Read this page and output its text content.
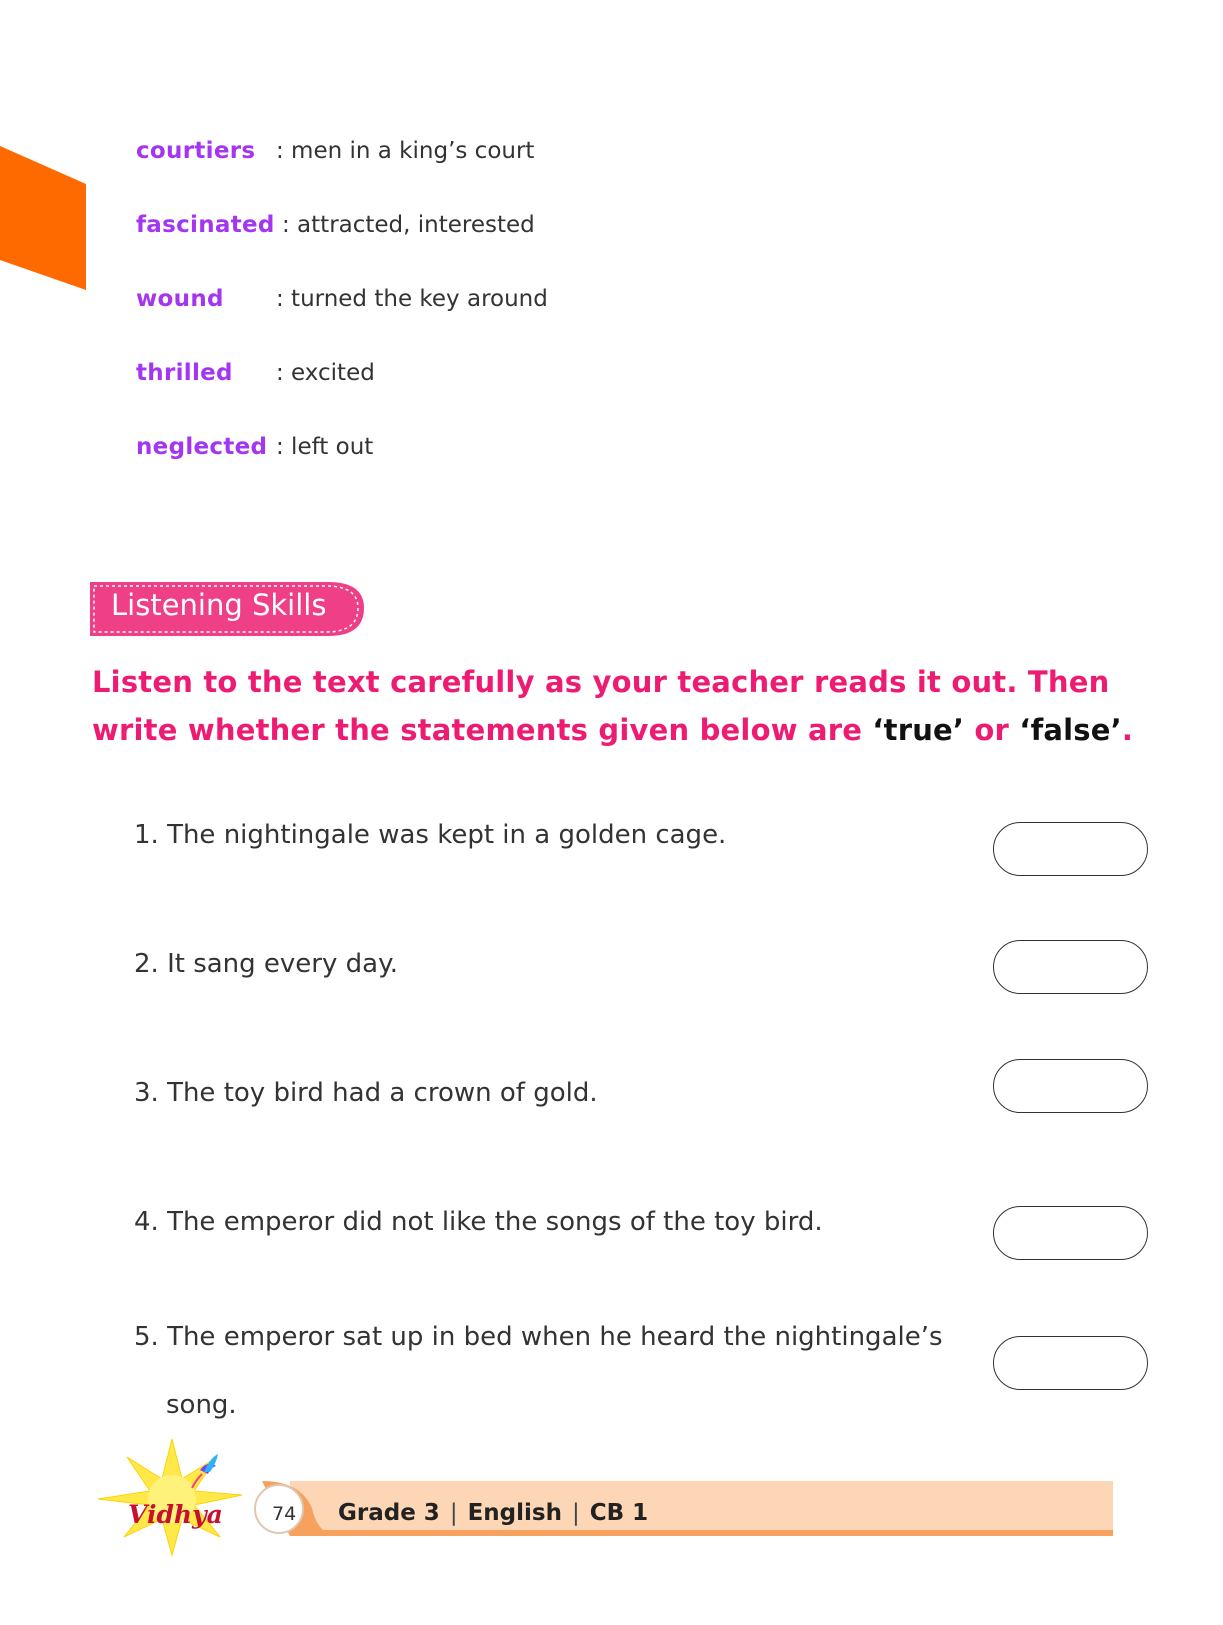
courtiers : men in a king’s court
fascinated : attracted, interested
wound : turned the key around
thrilled : excited
neglected : left out
Listening Skills
Listen to the text carefully as your teacher reads it out. Then
write whether the statements given below are ‘true’ or ‘false’.
1. The nightingale was kept in a golden cage.
2. It sang every day.
3. The toy bird had a crown of gold.
4. The emperor did not like the songs of the toy bird.
5. The emperor sat up in bed when he heard the nightingale’s
song.
Vidhya	74 Grade 3 | English | CB 1
